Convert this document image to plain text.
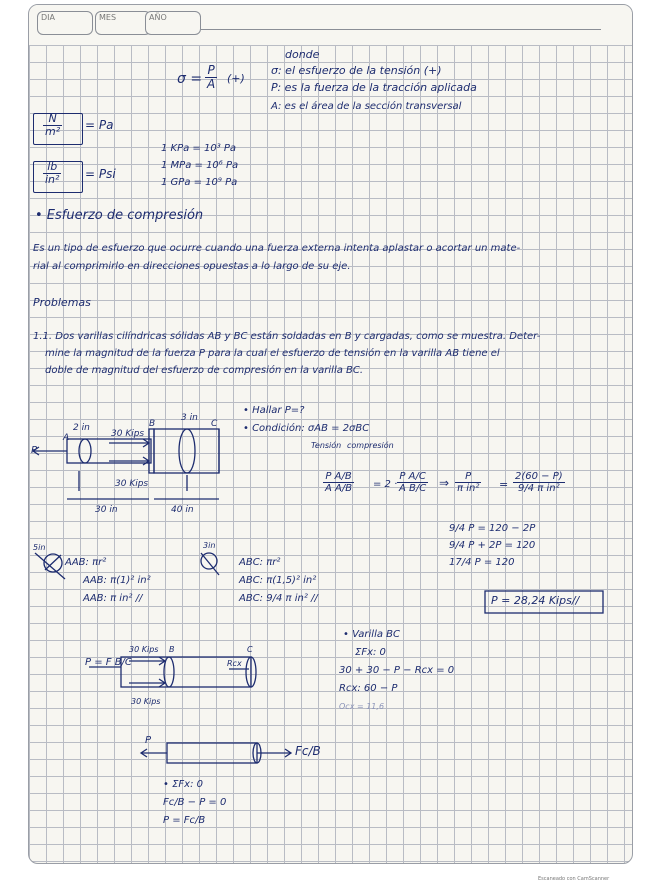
DIA	MES	AÑO
$\sigma = \frac{P}{A}$ (+)
donde
σ: el esfuerzo de la tensión (+)
P: es la fuerza de la tracción aplicada
A: es el área de la sección transversal
$\frac{N}{\text{m²}} = Pa$
$\frac{lb}{\text{in²}}$ = Psi
1 KPa = 10³ Pa
1 MPa = 10⁶ Pa
1 GPa = 10⁹ Pa
• Esfuerzo de compresión
Es un tipo de esfuerzo que ocurre cuando una fuerza externa intenta aplastar o acortar un mate-
rial al comprimirlo en direcciones opuestas a lo largo de su eje.
Problemas
1.1. Dos varillas cilíndricas sólidas AB y BC están soldadas en B y cargadas, como se muestra. Deter-
mine la magnitud de la fuerza P para la cual el esfuerzo de tensión en la varilla AB tiene el
doble de magnitud del esfuerzo de compresión en la varilla BC.
2 in
3 in
30 Kips
30 Kips
30 in	40 in
P
A
B	C
• Hallar P=?
• Condición: σAB = 2σBC
Tensión compresión
$\frac{\text{P A/B}}{\text{A A/B}} = 2 \cdot \frac{\text{P A/C}}{\text{A B/C}}$ ⇒ $\frac{P}{\text{π in²}} = \frac{2(60 - P)}{\text{9/4 π in²}}$
9/4 P = 120 − 2P
9/4 P + 2P = 120
17/4 P = 120
P = 28,24 Kips//
5in
AAB: πr²
AAB: π(1)² in²
AAB: π in² //
3in
ABC: πr²
ABC: π(1,5)² in²
ABC: 9/4 π in² //
P = F B/C
30 Kips
30 Kips
Rcx
B	C
• Varilla BC
ΣFx: 0
30 + 30 − P − Rcx = 0
Rcx: 60 − P
Ocx = 11,6
P
Fc/B
• ΣFx: 0
Fc/B − P = 0
P = Fc/B
Escaneado con CamScanner
